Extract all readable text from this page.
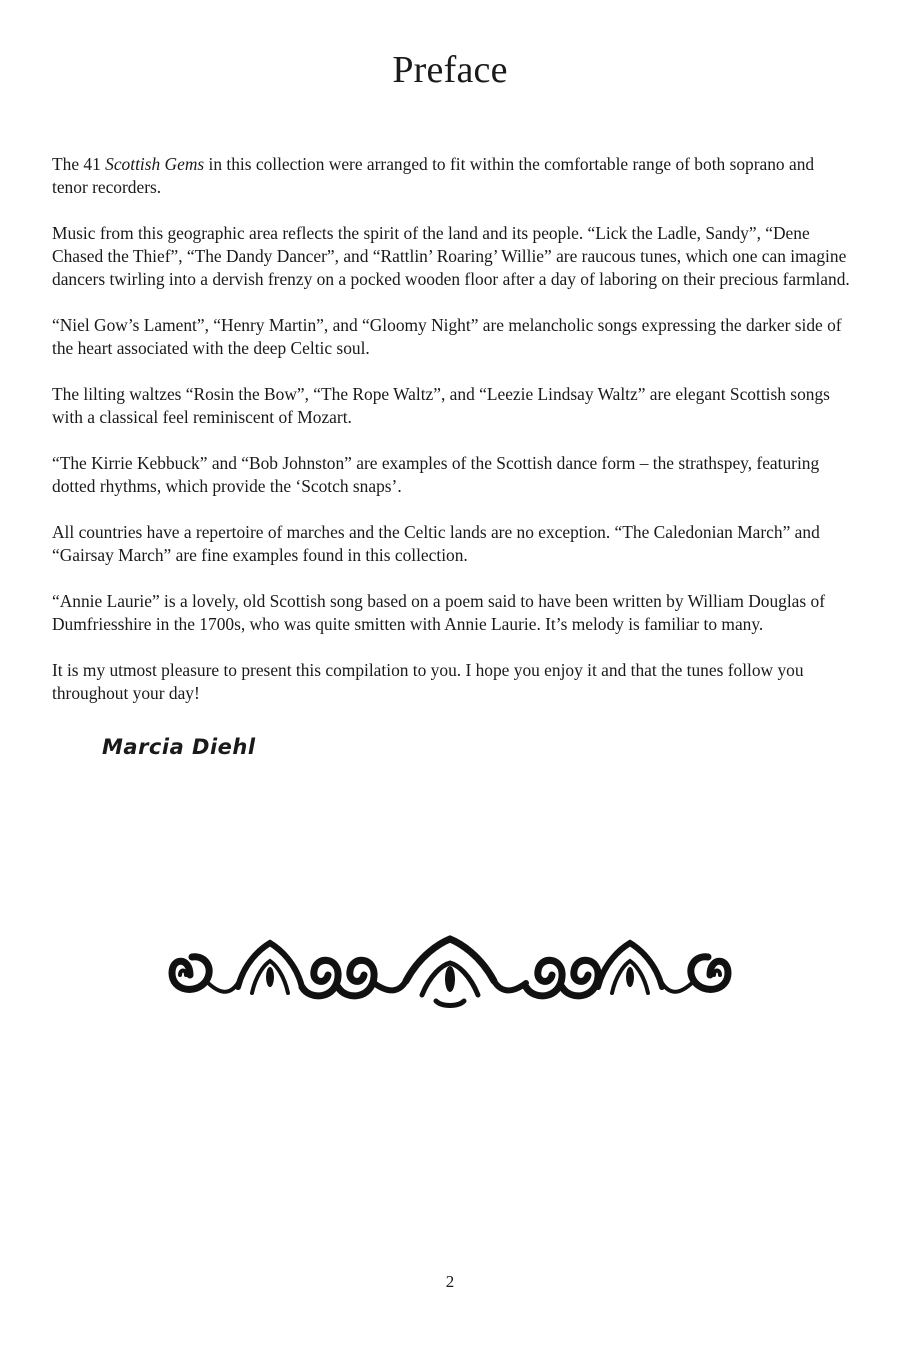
Preface

The 41 Scottish Gems in this collection were arranged to fit within the comfortable range of both soprano and tenor recorders.

Music from this geographic area reflects the spirit of the land and its people. “Lick the Ladle, Sandy”, “Dene Chased the Thief”, “The Dandy Dancer”, and “Rattlin’ Roaring’ Willie” are raucous tunes, which one can imagine dancers twirling into a dervish frenzy on a pocked wooden floor after a day of laboring on their precious farmland.

“Niel Gow’s Lament”, “Henry Martin”, and “Gloomy Night” are melancholic songs expressing the darker side of the heart associated with the deep Celtic soul.

The lilting waltzes “Rosin the Bow”, “The Rope Waltz”, and “Leezie Lindsay Waltz” are elegant Scottish songs with a classical feel reminiscent of Mozart.

“The Kirrie Kebbuck” and “Bob Johnston” are examples of the Scottish dance form – the strathspey, featuring dotted rhythms, which provide the ‘Scotch snaps’.

All countries have a repertoire of marches and the Celtic lands are no exception. “The Caledonian March” and “Gairsay March” are fine examples found in this collection.

“Annie Laurie” is a lovely, old Scottish song based on a poem said to have been written by William Douglas of Dumfriesshire in the 1700s, who was quite smitten with Annie Laurie. It’s melody is familiar to many.

It is my utmost pleasure to present this compilation to you. I hope you enjoy it and that the tunes follow you throughout your day!

Marcia Diehl
2
